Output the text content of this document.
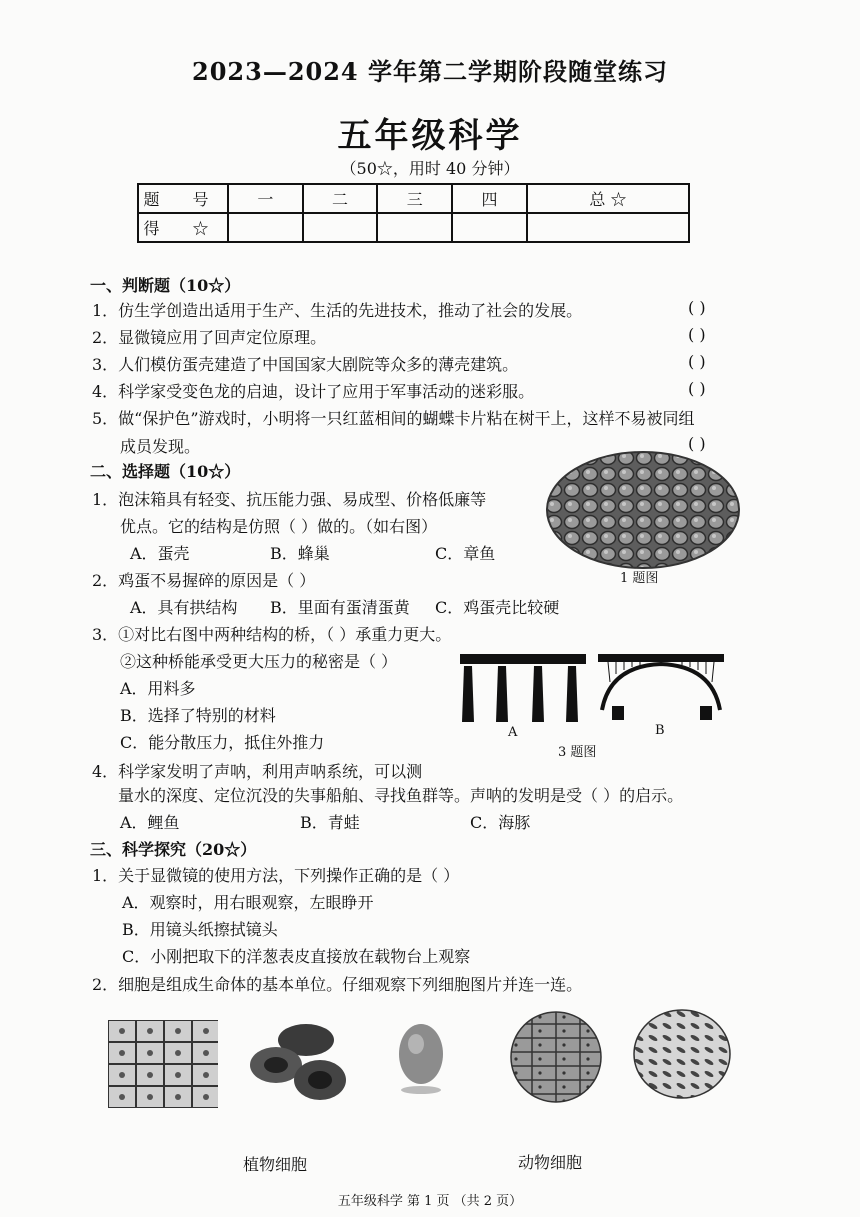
2023—2024 学年第二学期阶段随堂练习
五年级科学
（50☆，用时 40 分钟）
题 号	一	二	三	四	总 ☆
得 ☆					
一、判断题（10☆）
1．仿生学创造出适用于生产、生活的先进技术，推动了社会的发展。	( )
2．显微镜应用了回声定位原理。	( )
3．人们模仿蛋壳建造了中国国家大剧院等众多的薄壳建筑。	( )
4．科学家受变色龙的启迪，设计了应用于军事活动的迷彩服。	( )
5．做“保护色”游戏时，小明将一只红蓝相间的蝴蝶卡片粘在树干上，这样不易被同组
成员发现。	( )
二、选择题（10☆）
1．泡沫箱具有轻变、抗压能力强、易成型、价格低廉等
优点。它的结构是仿照（ ）做的。（如右图）
A．蛋壳	B．蜂巢	C．章鱼
1 题图
2．鸡蛋不易握碎的原因是（ ）
A．具有拱结构 B．里面有蛋清蛋黄 C．鸡蛋壳比较硬
3．①对比右图中两种结构的桥，（ ）承重力更大。
②这种桥能承受更大压力的秘密是（ ）
A．用料多
B．选择了特别的材料
C．能分散压力，抵住外推力
A	B
3 题图
4．科学家发明了声呐，利用声呐系统，可以测
量水的深度、定位沉没的失事船舶、寻找鱼群等。声呐的发明是受（ ）的启示。
A．鲤鱼	B．青蛙	C．海豚
三、科学探究（20☆）
1．关于显微镜的使用方法，下列操作正确的是（ ）
A．观察时，用右眼观察，左眼睁开
B．用镜头纸擦拭镜头
C．小刚把取下的洋葱表皮直接放在载物台上观察
2．细胞是组成生命体的基本单位。仔细观察下列细胞图片并连一连。
植物细胞	动物细胞
五年级科学 第 1 页 （共 2 页）
